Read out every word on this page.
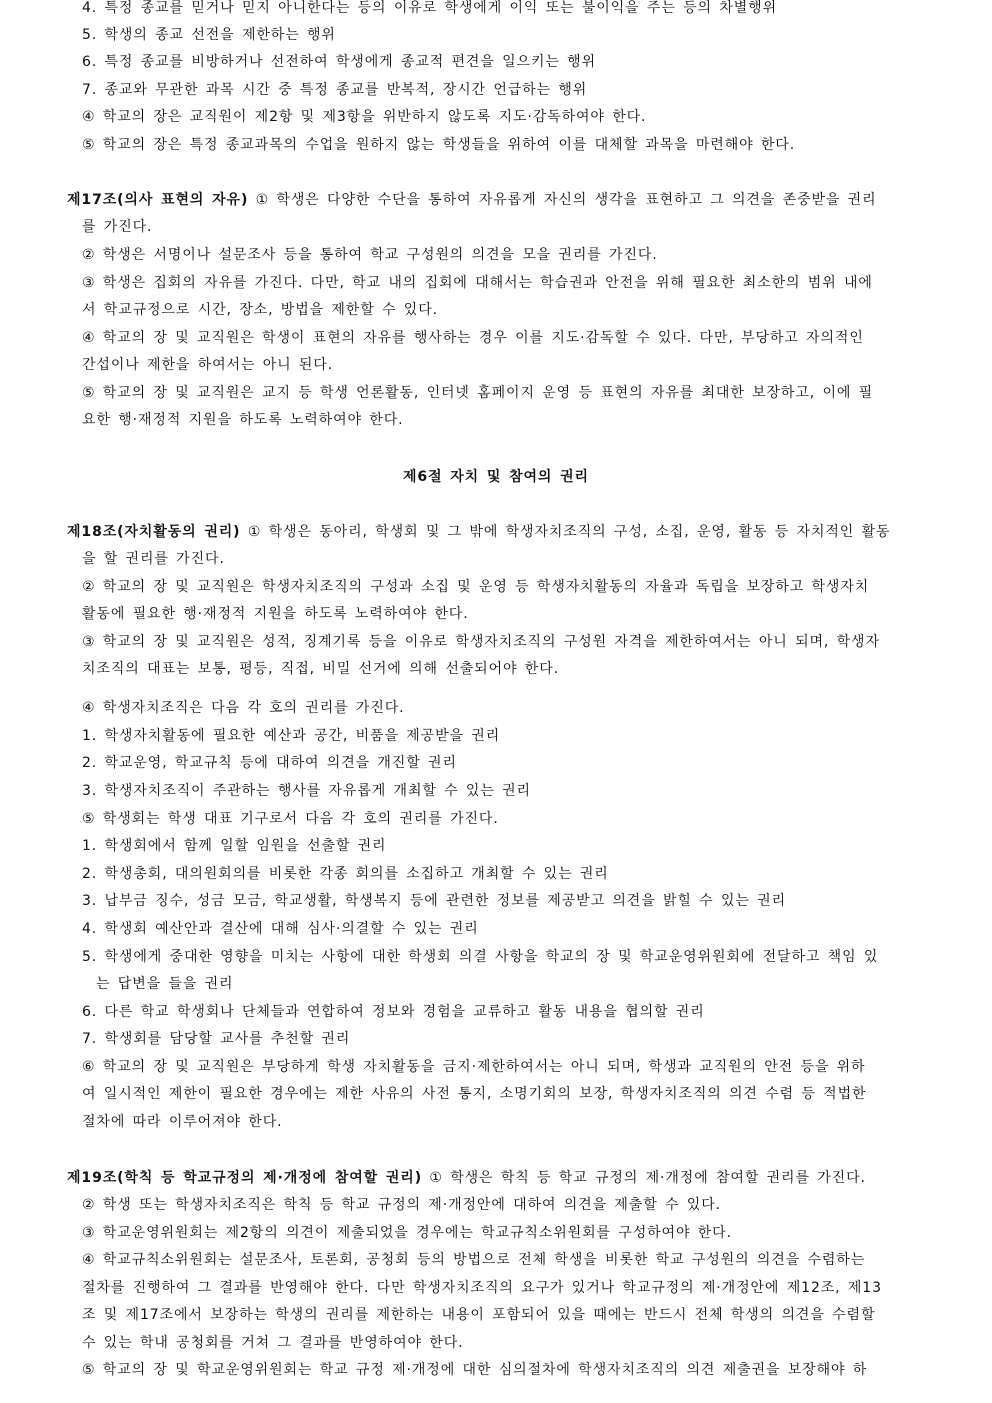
4. 특정 종교를 믿거나 믿지 아니한다는 등의 이유로 학생에게 이익 또는 불이익을 주는 등의 차별행위
5. 학생의 종교 선전을 제한하는 행위
6. 특정 종교를 비방하거나 선전하여 학생에게 종교적 편견을 일으키는 행위
7. 종교와 무관한 과목 시간 중 특정 종교를 반복적, 장시간 언급하는 행위
④ 학교의 장은 교직원이 제2항 및 제3항을 위반하지 않도록 지도·감독하여야 한다.
⑤ 학교의 장은 특정 종교과목의 수업을 원하지 않는 학생들을 위하여 이를 대체할 과목을 마련해야 한다.
제17조(의사 표현의 자유) ① 학생은 다양한 수단을 통하여 자유롭게 자신의 생각을 표현하고 그 의견을 존중받을 권리
를 가진다.
② 학생은 서명이나 설문조사 등을 통하여 학교 구성원의 의견을 모을 권리를 가진다.
③ 학생은 집회의 자유를 가진다. 다만, 학교 내의 집회에 대해서는 학습권과 안전을 위해 필요한 최소한의 범위 내에
서 학교규정으로 시간, 장소, 방법을 제한할 수 있다.
④ 학교의 장 및 교직원은 학생이 표현의 자유를 행사하는 경우 이를 지도·감독할 수 있다. 다만, 부당하고 자의적인
간섭이나 제한을 하여서는 아니 된다.
⑤ 학교의 장 및 교직원은 교지 등 학생 언론활동, 인터넷 홈페이지 운영 등 표현의 자유를 최대한 보장하고, 이에 필
요한 행·재정적 지원을 하도록 노력하여야 한다.
제6절 자치 및 참여의 권리
제18조(자치활동의 권리) ① 학생은 동아리, 학생회 및 그 밖에 학생자치조직의 구성, 소집, 운영, 활동 등 자치적인 활동
을 할 권리를 가진다.
② 학교의 장 및 교직원은 학생자치조직의 구성과 소집 및 운영 등 학생자치활동의 자율과 독립을 보장하고 학생자치
활동에 필요한 행·재정적 지원을 하도록 노력하여야 한다.
③ 학교의 장 및 교직원은 성적, 징계기록 등을 이유로 학생자치조직의 구성원 자격을 제한하여서는 아니 되며, 학생자
치조직의 대표는 보통, 평등, 직접, 비밀 선거에 의해 선출되어야 한다.
④ 학생자치조직은 다음 각 호의 권리를 가진다.
1. 학생자치활동에 필요한 예산과 공간, 비품을 제공받을 권리
2. 학교운영, 학교규칙 등에 대하여 의견을 개진할 권리
3. 학생자치조직이 주관하는 행사를 자유롭게 개최할 수 있는 권리
⑤ 학생회는 학생 대표 기구로서 다음 각 호의 권리를 가진다.
1. 학생회에서 함께 일할 임원을 선출할 권리
2. 학생총회, 대의원회의를 비롯한 각종 회의를 소집하고 개최할 수 있는 권리
3. 납부금 징수, 성금 모금, 학교생활, 학생복지 등에 관련한 정보를 제공받고 의견을 밝힐 수 있는 권리
4. 학생회 예산안과 결산에 대해 심사·의결할 수 있는 권리
5. 학생에게 중대한 영향을 미치는 사항에 대한 학생회 의결 사항을 학교의 장 및 학교운영위원회에 전달하고 책임 있
는 답변을 들을 권리
6. 다른 학교 학생회나 단체들과 연합하여 정보와 경험을 교류하고 활동 내용을 협의할 권리
7. 학생회를 담당할 교사를 추천할 권리
⑥ 학교의 장 및 교직원은 부당하게 학생 자치활동을 금지·제한하여서는 아니 되며, 학생과 교직원의 안전 등을 위하
여 일시적인 제한이 필요한 경우에는 제한 사유의 사전 통지, 소명기회의 보장, 학생자치조직의 의견 수렴 등 적법한
절차에 따라 이루어져야 한다.
제19조(학칙 등 학교규정의 제·개정에 참여할 권리) ① 학생은 학칙 등 학교 규정의 제·개정에 참여할 권리를 가진다.
② 학생 또는 학생자치조직은 학칙 등 학교 규정의 제·개정안에 대하여 의견을 제출할 수 있다.
③ 학교운영위원회는 제2항의 의견이 제출되었을 경우에는 학교규칙소위원회를 구성하여야 한다.
④ 학교규칙소위원회는 설문조사, 토론회, 공청회 등의 방법으로 전체 학생을 비롯한 학교 구성원의 의견을 수렴하는
절차를 진행하여 그 결과를 반영해야 한다. 다만 학생자치조직의 요구가 있거나 학교규정의 제·개정안에 제12조, 제13
조 및 제17조에서 보장하는 학생의 권리를 제한하는 내용이 포함되어 있을 때에는 반드시 전체 학생의 의견을 수렴할
수 있는 학내 공청회를 거쳐 그 결과를 반영하여야 한다.
⑤ 학교의 장 및 학교운영위원회는 학교 규정 제·개정에 대한 심의절차에 학생자치조직의 의견 제출권을 보장해야 하
